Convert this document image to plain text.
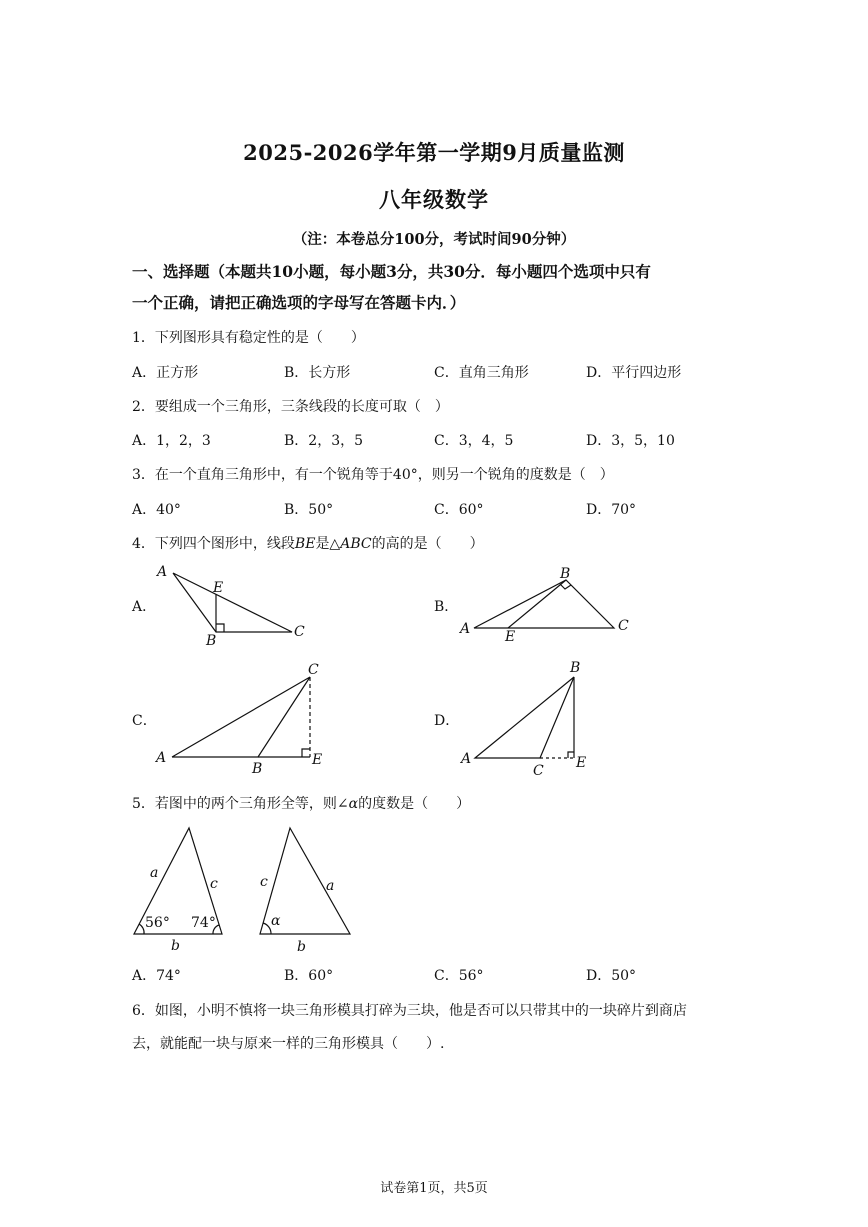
2025-2026学年第一学期9月质量监测
八年级数学
（注：本卷总分100分，考试时间90分钟）
一、选择题（本题共10小题，每小题3分，共30分．每小题四个选项中只有
一个正确，请把正确选项的字母写在答题卡内．）
1．下列图形具有稳定性的是（　　）
A．正方形	B．长方形	C．直角三角形	D．平行四边形
2．要组成一个三角形，三条线段的长度可取（　）
A．1，2，3	B．2，3，5	C．3，4，5	D．3，5，10
3．在一个直角三角形中，有一个锐角等于40°，则另一个锐角的度数是（　）
A．40°	B．50°	C．60°	D．70°
4．下列四个图形中，线段BE是△ABC的高的是（　　）
A．	B．
C．	D．
A
E
B
C
B
A E
C
C
A
B
E
B
A
C E
a
c
b
56° 74°
c	a
b
α
5．若图中的两个三角形全等，则∠α的度数是（　　）
A．74°	B．60°	C．56°	D．50°
6．如图，小明不慎将一块三角形模具打碎为三块，他是否可以只带其中的一块碎片到商店
去，就能配一块与原来一样的三角形模具（　　）.
试卷第1页，共5页
